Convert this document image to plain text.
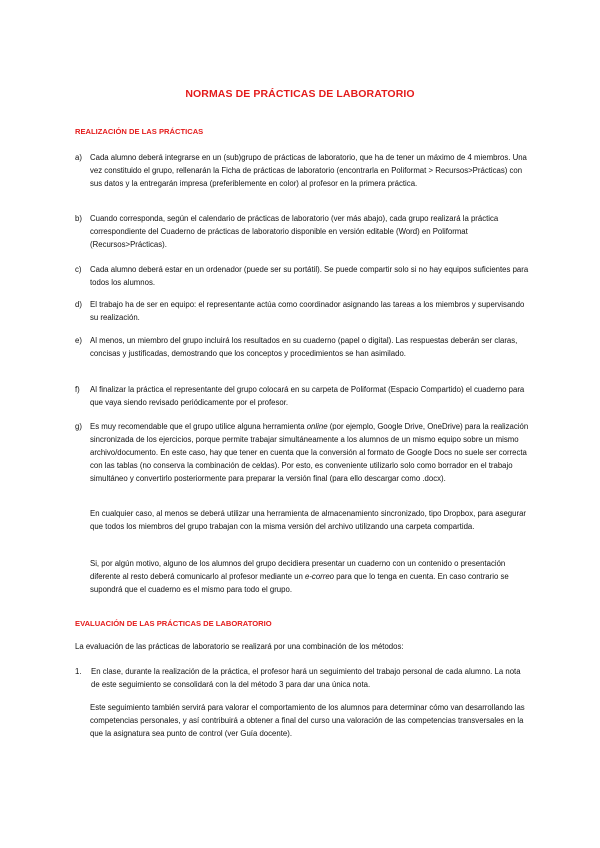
NORMAS DE PRÁCTICAS DE LABORATORIO
REALIZACIÓN DE LAS PRÁCTICAS
a)	Cada alumno deberá integrarse en un (sub)grupo de prácticas de laboratorio, que ha de tener un máximo de 4 miembros. Una vez constituido el grupo, rellenarán la Ficha de prácticas de laboratorio (encontrarla en Poliformat > Recursos>Prácticas) con sus datos y la entregarán impresa (preferiblemente en color) al profesor en la primera práctica.
b)	Cuando corresponda, según el calendario de prácticas de laboratorio (ver más abajo), cada grupo realizará la práctica correspondiente del Cuaderno de prácticas de laboratorio disponible en versión editable (Word) en Poliformat (Recursos>Prácticas).
c)	Cada alumno deberá estar en un ordenador (puede ser su portátil). Se puede compartir solo si no hay equipos suficientes para todos los alumnos.
d)	El trabajo ha de ser en equipo: el representante actúa como coordinador asignando las tareas a los miembros y supervisando su realización.
e)	Al menos, un miembro del grupo incluirá los resultados en su cuaderno (papel o digital). Las respuestas deberán ser claras, concisas y justificadas, demostrando que los conceptos y procedimientos se han asimilado.
f)	Al finalizar la práctica el representante del grupo colocará en su carpeta de Poliformat (Espacio Compartido) el cuaderno para que vaya siendo revisado periódicamente por el profesor.
g)	Es muy recomendable que el grupo utilice alguna herramienta online (por ejemplo, Google Drive, OneDrive) para la realización sincronizada de los ejercicios, porque permite trabajar simultáneamente a los alumnos de un mismo equipo sobre un mismo archivo/documento. En este caso, hay que tener en cuenta que la conversión al formato de Google Docs no suele ser correcta con las tablas (no conserva la combinación de celdas). Por esto, es conveniente utilizarlo solo como borrador en el trabajo simultáneo y convertirlo posteriormente para preparar la versión final (para ello descargar como .docx).
En cualquier caso, al menos se deberá utilizar una herramienta de almacenamiento sincronizado, tipo Dropbox, para asegurar que todos los miembros del grupo trabajan con la misma versión del archivo utilizando una carpeta compartida.
Si, por algún motivo, alguno de los alumnos del grupo decidiera presentar un cuaderno con un contenido o presentación diferente al resto deberá comunicarlo al profesor mediante un e-correo para que lo tenga en cuenta. En caso contrario se supondrá que el cuaderno es el mismo para todo el grupo.
EVALUACIÓN DE LAS PRÁCTICAS DE LABORATORIO
La evaluación de las prácticas de laboratorio se realizará por una combinación de los métodos:
1.	En clase, durante la realización de la práctica, el profesor hará un seguimiento del trabajo personal de cada alumno. La nota de este seguimiento se consolidará con la del método 3 para dar una única nota.
Este seguimiento también servirá para valorar el comportamiento de los alumnos para determinar cómo van desarrollando las competencias personales, y así contribuirá a obtener a final del curso una valoración de las competencias transversales en la que la asignatura sea punto de control (ver Guía docente).
